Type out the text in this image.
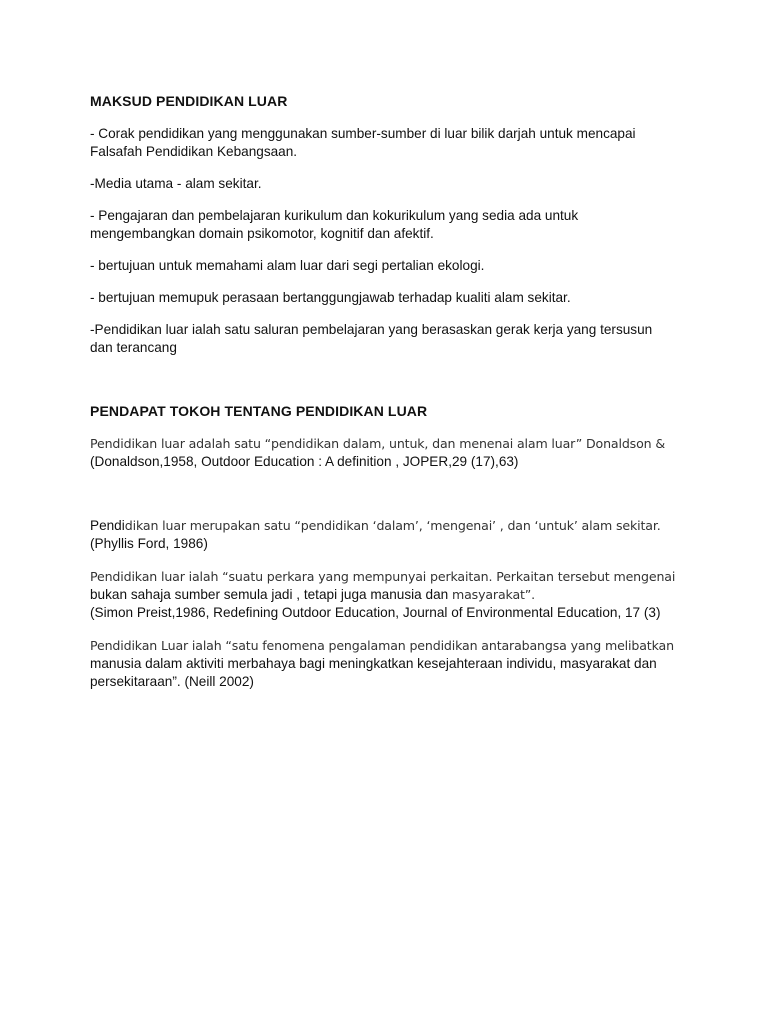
MAKSUD PENDIDIKAN LUAR
- Corak pendidikan yang menggunakan sumber-sumber di luar bilik darjah untuk mencapai
Falsafah Pendidikan Kebangsaan.
-Media utama - alam sekitar.
- Pengajaran dan pembelajaran kurikulum dan kokurikulum yang sedia ada untuk
mengembangkan domain psikomotor, kognitif dan afektif.
- bertujuan untuk memahami alam luar dari segi pertalian ekologi.
- bertujuan memupuk perasaan bertanggungjawab terhadap kualiti alam sekitar.
-Pendidikan luar ialah satu saluran pembelajaran yang berasaskan gerak kerja yang tersusun
dan terancang
PENDAPAT TOKOH TENTANG PENDIDIKAN LUAR
Pendidikan luar adalah satu “pendidikan dalam, untuk, dan menenai alam luar” Donaldson &
(Donaldson,1958, Outdoor Education : A definition , JOPER,29 (17),63)
Pendidikan luar merupakan satu “pendidikan ‘dalam’, ‘mengenai’ , dan ‘untuk’ alam sekitar.
(Phyllis Ford, 1986)
Pendidikan luar ialah “suatu perkara yang mempunyai perkaitan. Perkaitan tersebut mengenai
bukan sahaja sumber semula jadi , tetapi juga manusia dan masyarakat”.
(Simon Preist,1986, Redefining Outdoor Education, Journal of Environmental Education, 17 (3)
Pendidikan Luar ialah “satu fenomena pengalaman pendidikan antarabangsa yang melibatkan
manusia dalam aktiviti merbahaya bagi meningkatkan kesejahteraan individu, masyarakat dan
persekitaraan”. (Neill 2002)
